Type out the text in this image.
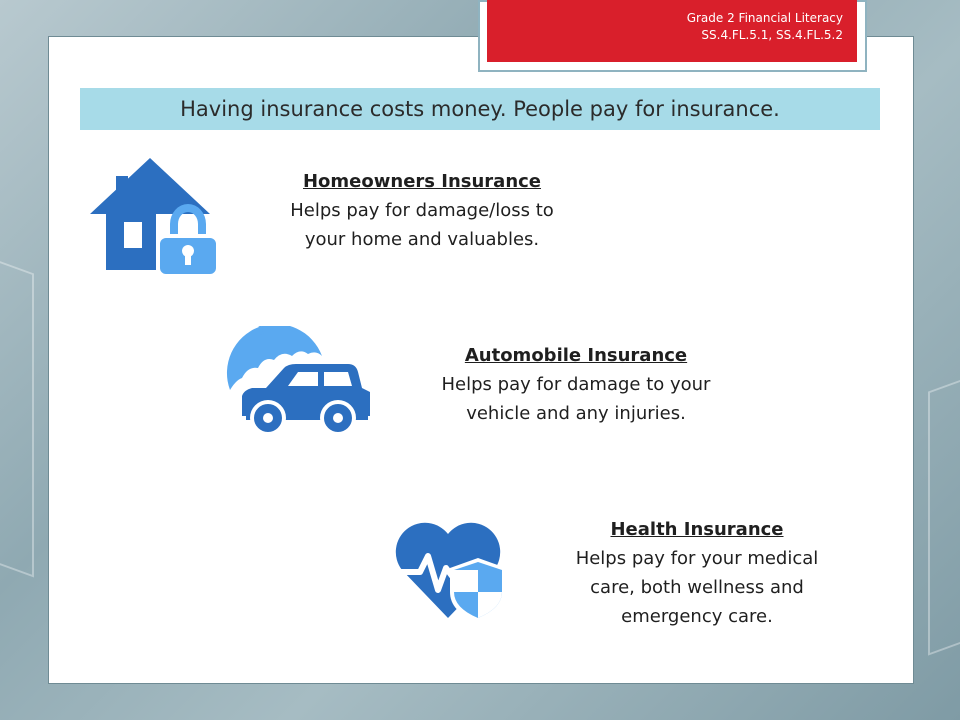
Grade 2 Financial Literacy
SS.4.FL.5.1, SS.4.FL.5.2
Having insurance costs money. People pay for insurance.
Homeowners Insurance
Helps pay for damage/loss to
your home and valuables.
Automobile Insurance
Helps pay for damage to your
vehicle and any injuries.
Health Insurance
Helps pay for your medical
care, both wellness and
emergency care.
